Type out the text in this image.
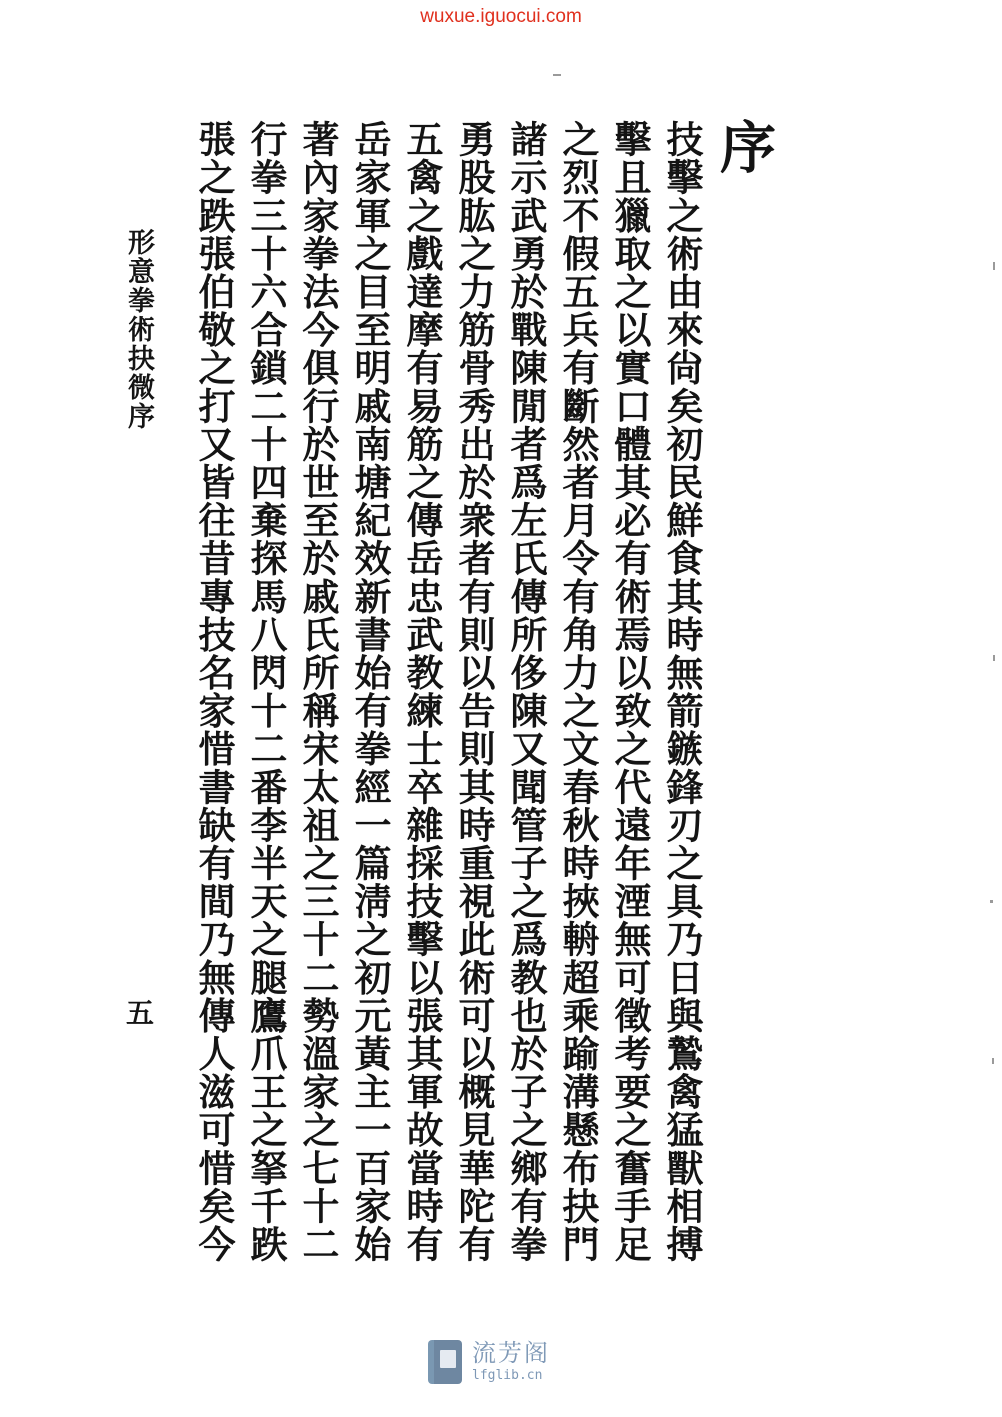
wuxue.iguocui.com
序
技擊之術由來尙矣初民鮮食其時無箭鏃鋒刃之具乃日與鷙禽猛獸相搏
擊且獵取之以實口體其必有術焉以致之代遠年湮無可徵考要之奮手足
之烈不假五兵有斷然者月令有角力之文春秋時挾輈超乘踰溝懸布抉門
諸示武勇於戰陳閒者爲左氏傳所侈陳又聞管子之爲教也於子之鄉有拳
勇股肱之力筋骨秀出於衆者有則以告則其時重視此術可以概見華陀有
五禽之戲達摩有易筋之傳岳忠武教練士卒雜採技擊以張其軍故當時有
岳家軍之目至明戚南塘紀效新書始有拳經一篇淸之初元黃主一百家始
著內家拳法今俱行於世至於戚氏所稱宋太祖之三十二勢溫家之七十二
行拳三十六合鎖二十四棄探馬八閃十二番李半天之腿鷹爪王之拏千跌
張之跌張伯敬之打又皆往昔專技名家惜書缺有間乃無傳人滋可惜矣今
形意拳術抉微
序
五
流芳阁
lfglib.cn
